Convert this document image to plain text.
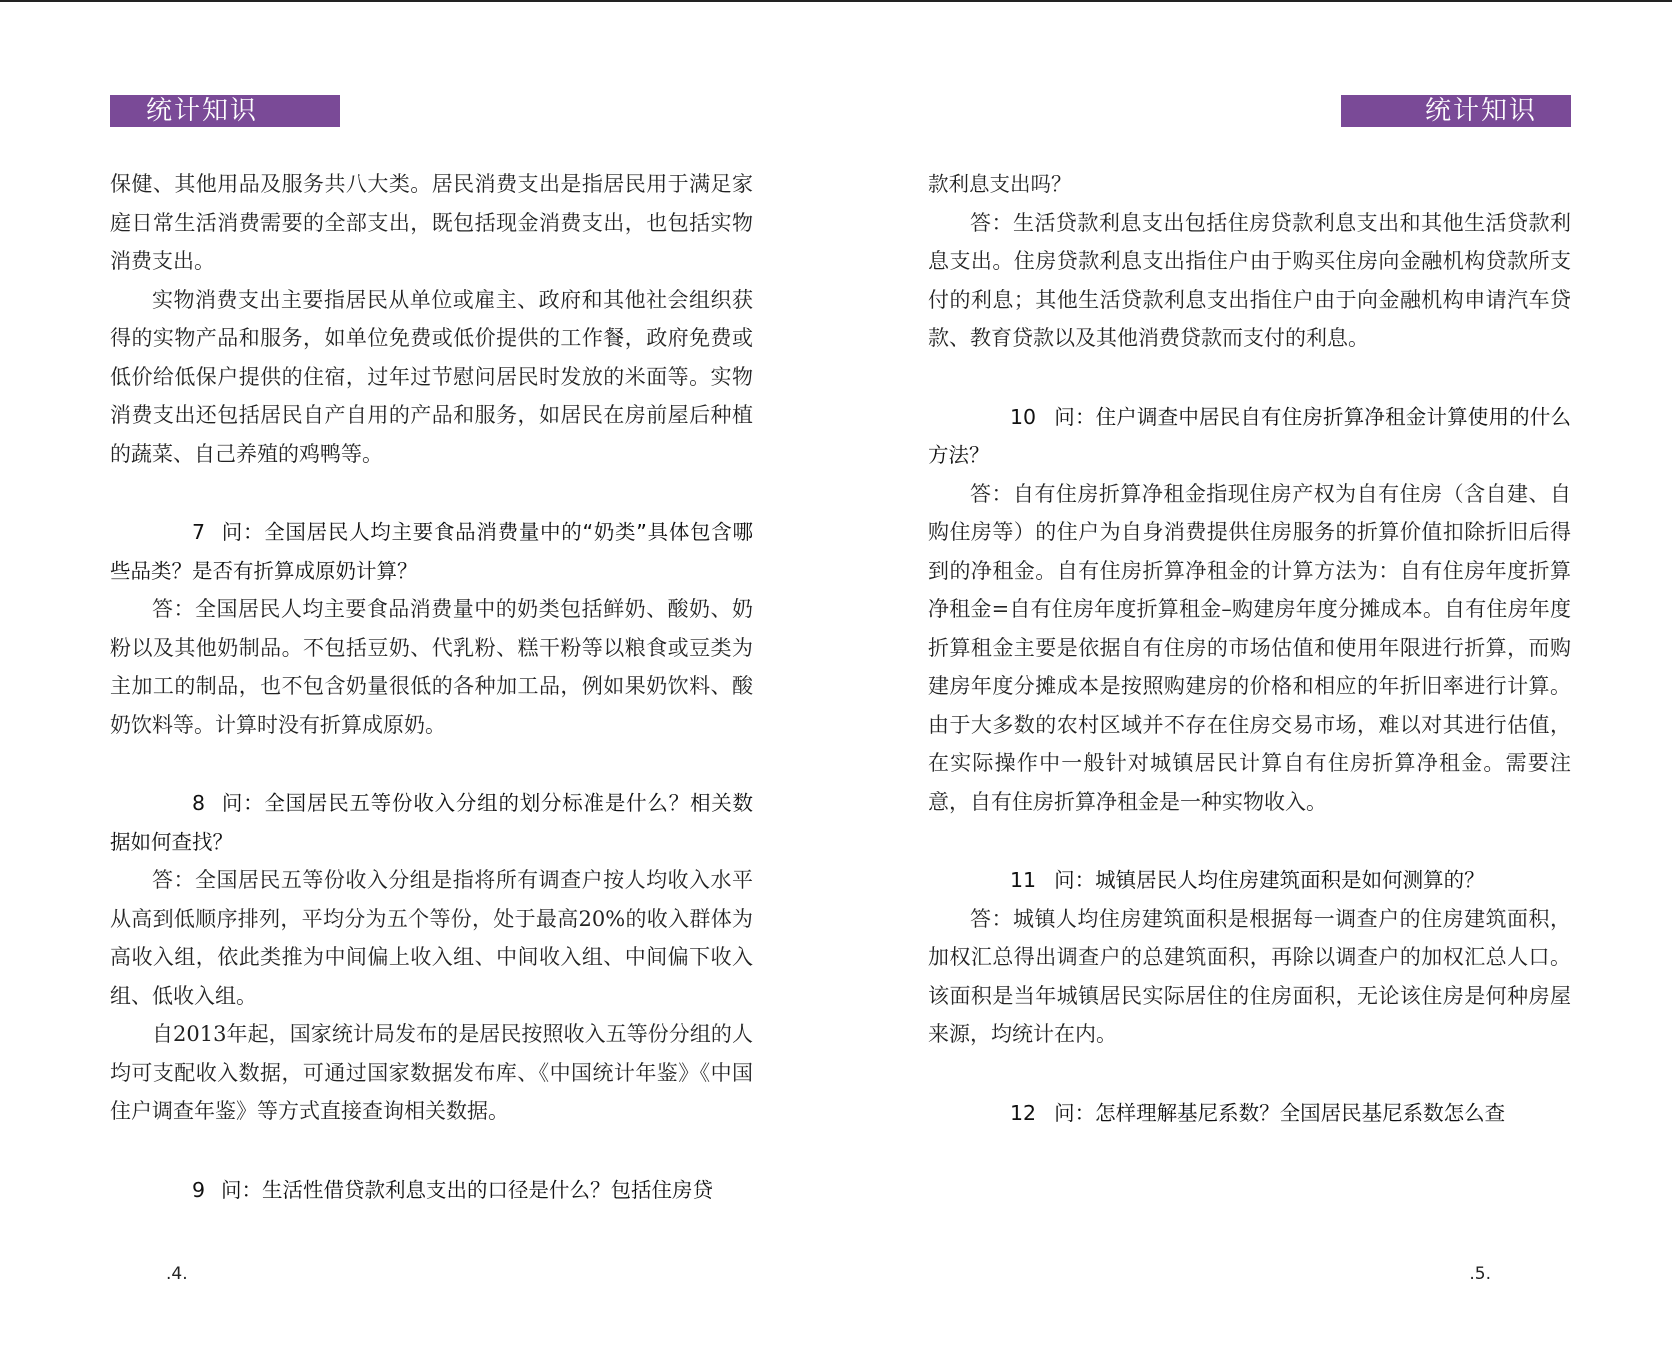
统计知识

保健、其他用品及服务共八大类。居民消费支出是指居民用于满足家庭日常生活消费需要的全部支出，既包括现金消费支出，也包括实物消费支出。

实物消费支出主要指居民从单位或雇主、政府和其他社会组织获得的实物产品和服务，如单位免费或低价提供的工作餐，政府免费或低价给低保户提供的住宿，过年过节慰问居民时发放的米面等。实物消费支出还包括居民自产自用的产品和服务，如居民在房前屋后种植的蔬菜、自己养殖的鸡鸭等。

7 问：全国居民人均主要食品消费量中的“奶类”具体包含哪些品类？是否有折算成原奶计算？

答：全国居民人均主要食品消费量中的奶类包括鲜奶、酸奶、奶粉以及其他奶制品。不包括豆奶、代乳粉、糕干粉等以粮食或豆类为主加工的制品，也不包含奶量很低的各种加工品，例如果奶饮料、酸奶饮料等。计算时没有折算成原奶。

8 问：全国居民五等份收入分组的划分标准是什么？相关数据如何查找？

答：全国居民五等份收入分组是指将所有调查户按人均收入水平从高到低顺序排列，平均分为五个等份，处于最高20%的收入群体为高收入组，依此类推为中间偏上收入组、中间收入组、中间偏下收入组、低收入组。

自2013年起，国家统计局发布的是居民按照收入五等份分组的人均可支配收入数据，可通过国家数据发布库、《中国统计年鉴》《中国住户调查年鉴》等方式直接查询相关数据。

9 问：生活性借贷款利息支出的口径是什么？包括住房贷

.4.
统计知识

款利息支出吗？

答：生活贷款利息支出包括住房贷款利息支出和其他生活贷款利息支出。住房贷款利息支出指住户由于购买住房向金融机构贷款所支付的利息；其他生活贷款利息支出指住户由于向金融机构申请汽车贷款、教育贷款以及其他消费贷款而支付的利息。

10 问：住户调查中居民自有住房折算净租金计算使用的什么方法？

答：自有住房折算净租金指现住房产权为自有住房（含自建、自购住房等）的住户为自身消费提供住房服务的折算价值扣除折旧后得到的净租金。自有住房折算净租金的计算方法为：自有住房年度折算净租金=自有住房年度折算租金–购建房年度分摊成本。自有住房年度折算租金主要是依据自有住房的市场估值和使用年限进行折算，而购建房年度分摊成本是按照购建房的价格和相应的年折旧率进行计算。由于大多数的农村区域并不存在住房交易市场，难以对其进行估值，在实际操作中一般针对城镇居民计算自有住房折算净租金。需要注意，自有住房折算净租金是一种实物收入。

11 问：城镇居民人均住房建筑面积是如何测算的？

答：城镇人均住房建筑面积是根据每一调查户的住房建筑面积，加权汇总得出调查户的总建筑面积，再除以调查户的加权汇总人口。该面积是当年城镇居民实际居住的住房面积，无论该住房是何种房屋来源，均统计在内。

12 问：怎样理解基尼系数？全国居民基尼系数怎么查

.5.
